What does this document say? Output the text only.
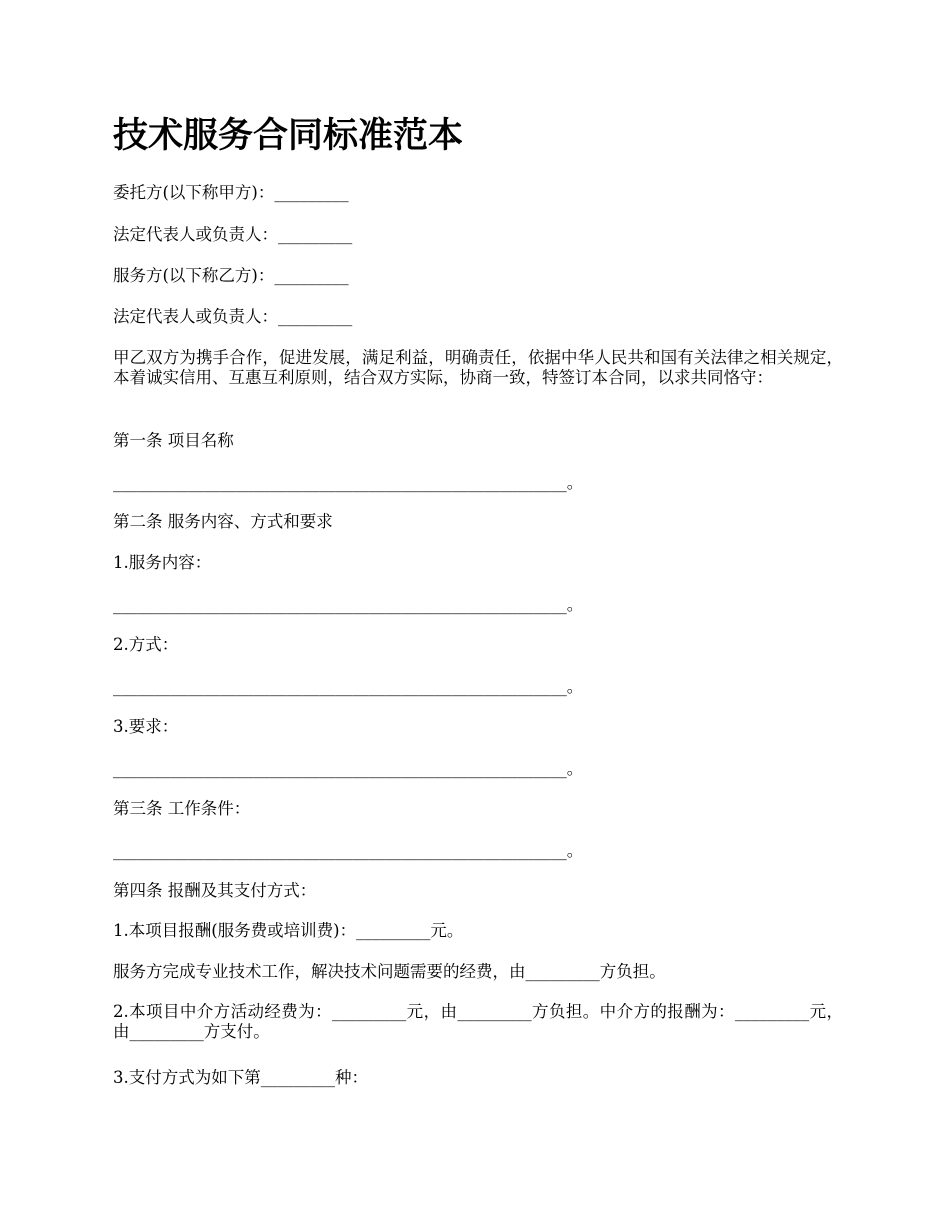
技术服务合同标准范本

委托方(以下称甲方)：_________

法定代表人或负责人：_________

服务方(以下称乙方)：_________

法定代表人或负责人：_________

甲乙双方为携手合作，促进发展，满足利益，明确责任，依据中华人民共和国有关法律之相关规定，本着诚实信用、互惠互利原则，结合双方实际，协商一致，特签订本合同，以求共同恪守：

第一条 项目名称

_______________________________________________________。

第二条 服务内容、方式和要求

1.服务内容：

_______________________________________________________。

2.方式：

_______________________________________________________。

3.要求：

_______________________________________________________。

第三条 工作条件：

_______________________________________________________。

第四条 报酬及其支付方式：

1.本项目报酬(服务费或培训费)：_________元。

服务方完成专业技术工作，解决技术问题需要的经费，由_________方负担。

2.本项目中介方活动经费为：_________元，由_________方负担。中介方的报酬为：_________元，由_________方支付。

3.支付方式为如下第_________种：
